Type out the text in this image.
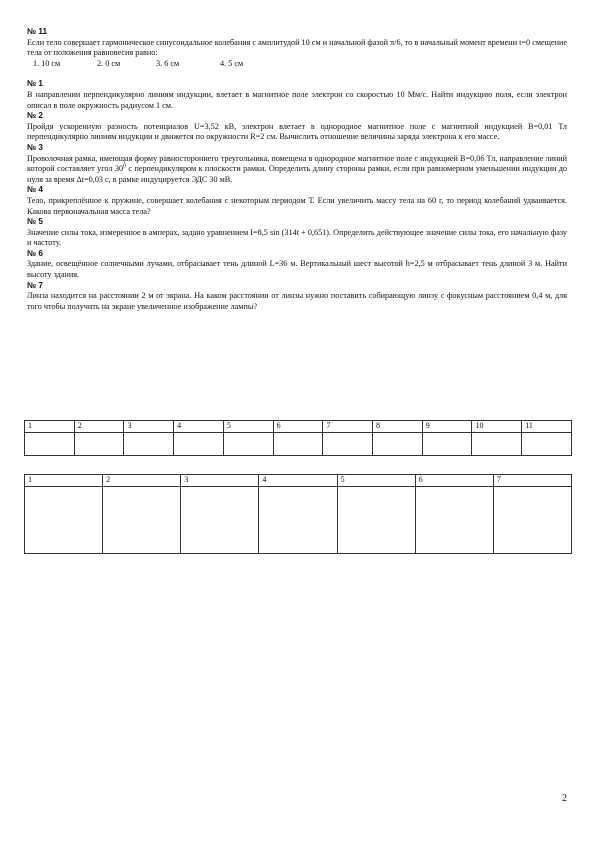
№ 11
Если тело совершает гармоническое синусоидальное колебания с амплитудой 10 см и начальной фазой π/6, то в начальный момент времени t=0 смещение тела от положения равновесия равно:
1. 10 см	2. 0 см	3. 6 см	4. 5 см
№ 1
В направлении перпендикулярно линиям индукции, влетает в магнитное поле электрон со скоростью 10 Мм/с. Найти индукцию поля, если электрон описал в поле окружность радиусом 1 см.
№ 2
Пройдя ускоренную разность потенциалов U=3,52 кВ, электрон влетает в однородное магнитное поле с магнитной индукцией В=0,01 Тл перпендикулярно линиям индукции и движется по окружности R=2 см. Вычислить отношение величины заряда электрона к его массе.
№ 3
Проволочная рамка, имеющая форму равностороннего треугольника, помещена в однородное магнитное поле с индукцией В=0,06 Тл, направление линий которой составляет угол $30^0$ с перпендикуляром к плоскости рамки. Определить длину стороны рамки, если при равномерном уменьшении индукции до нуля за время Δt=0,03 с, в рамке индуцируется ЭДС 30 мВ.
№ 4
Тело, прикреплённое к пружине, совершает колебания с некоторым периодом Т. Если увеличить массу тела на 60 г, то период колебаний удваивается. Какова первоначальная масса тела?
№ 5
Значение силы тока, измеренное в амперах, задано уравнением I=8,5 sin (314t + 0,651). Определить действующее значение силы тока, его начальную фазу и частоту.
№ 6
Здание, освещённое солнечными лучами, отбрасывает тень длиной L=36 м. Вертикальный шест высотой h=2,5 м отбрасывает тень длиной 3 м. Найти высоту здания.
№ 7
Линза находится на расстоянии 2 м от экрана. На каком расстоянии от линзы нужно поставить собирающую линзу с фокусным расстоянием 0,4 м, для того чтобы получить на экране увеличенное изображение лампы?
1	2	3	4	5	6	7	8	9	10	11

1	2	3	4	5	6	7

2
